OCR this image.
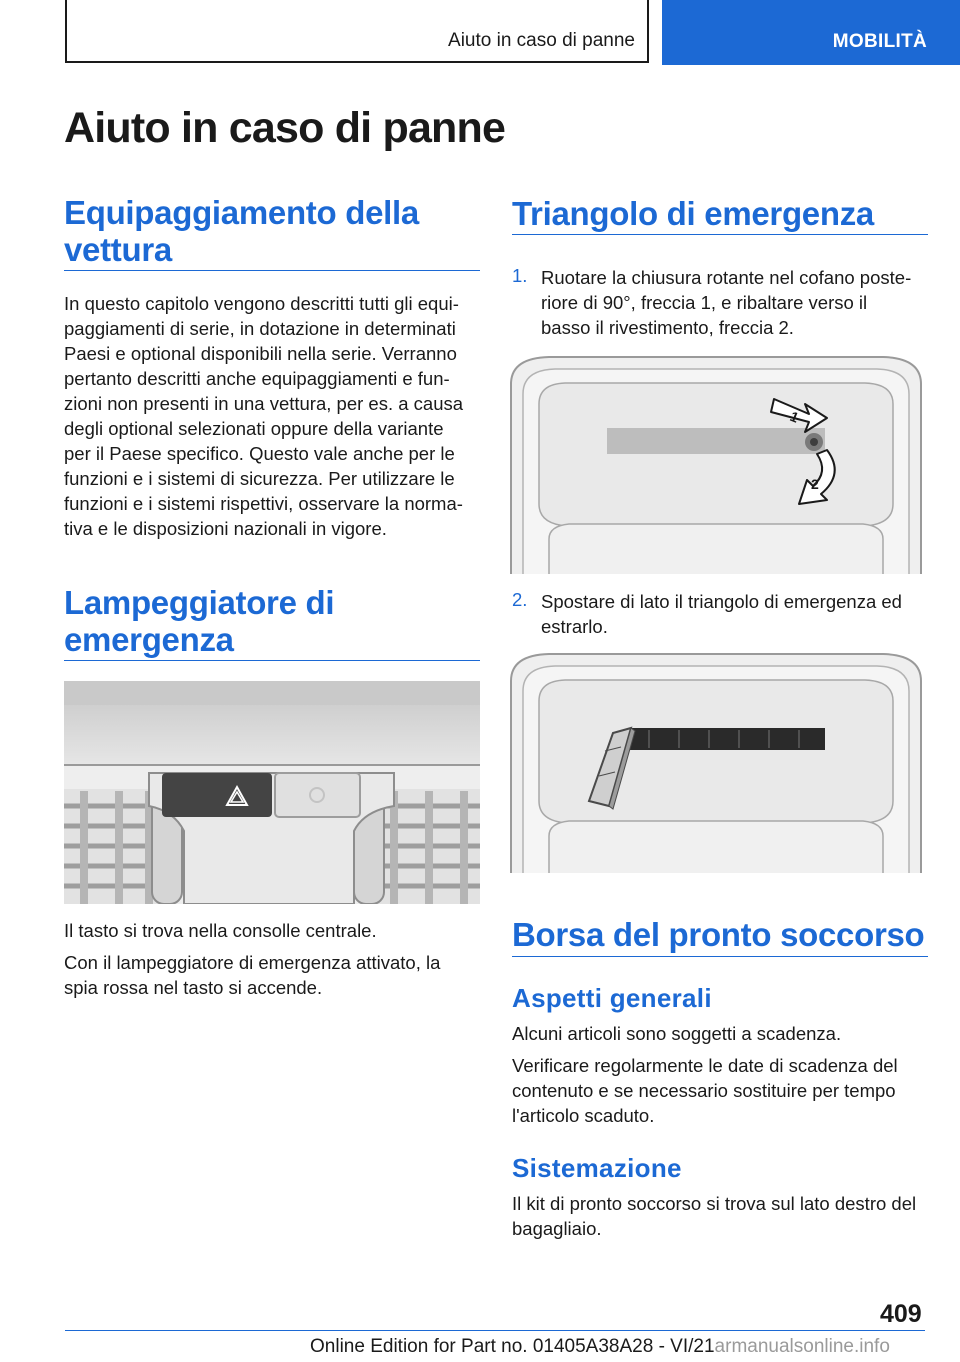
Aiuto in caso di panne	MOBILITÀ
Aiuto in caso di panne
Equipaggiamento della
vettura

In questo capitolo vengono descritti tutti gli equi-

paggiamenti di serie, in dotazione in determinati

Paesi e optional disponibili nella serie. Verranno

pertanto descritti anche equipaggiamenti e fun-

zioni non presenti in una vettura, per es. a causa

degli optional selezionati oppure della variante

per il Paese specifico. Questo vale anche per le

funzioni e i sistemi di sicurezza. Per utilizzare le

funzioni e i sistemi rispettivi, osservare la norma-

tiva e le disposizioni nazionali in vigore.

Lampeggiatore di
emergenza

Il tasto si trova nella consolle centrale.

Con il lampeggiatore di emergenza attivato, la

spia rossa nel tasto si accende.

Triangolo di emergenza
1. Ruotare la chiusura rotante nel cofano poste-

riore di 90°, freccia 1, e ribaltare verso il

basso il rivestimento, freccia 2.

1
2
2. Spostare di lato il triangolo di emergenza ed

estrarlo.

Borsa del pronto soccorso
Aspetti generali

Alcuni articoli sono soggetti a scadenza.

Verificare regolarmente le date di scadenza del

contenuto e se necessario sostituire per tempo

l'articolo scaduto.

Sistemazione

Il kit di pronto soccorso si trova sul lato destro del

bagagliaio.

409
Online Edition for Part no. 01405A38A28 - VI/21armanualsonline.info
